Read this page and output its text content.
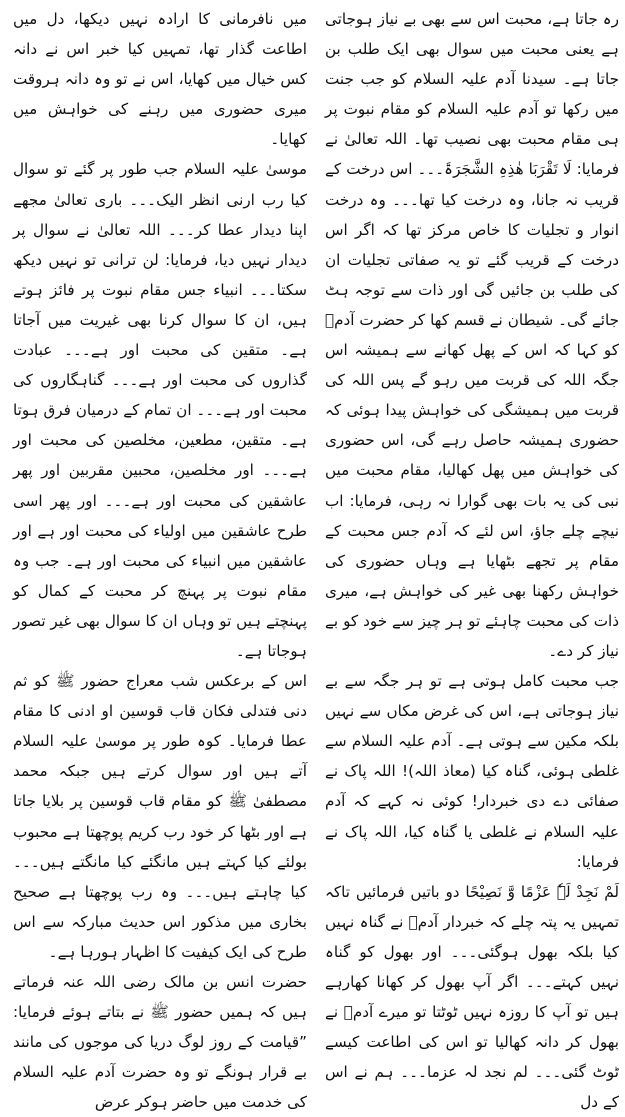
رہ جاتا ہے، محبت اس سے بھی بے نیاز ہوجاتی ہے یعنی محبت میں سوال بھی ایک طلب بن جاتا ہے۔ سیدنا آدم علیہ السلام کو جب جنت میں رکھا تو آدم علیہ السلام کو مقام نبوت پر ہی مقام محبت بھی نصیب تھا۔ اللہ تعالیٰ نے فرمایا: لَا تَقْرَبَا ھٰذِہِ الشَّجَرَۃَ۔۔۔ اس درخت کے قریب نہ جانا، وہ درخت کیا تھا۔۔۔ وہ درخت انوار و تجلیات کا خاص مرکز تھا کہ اگر اس درخت کے قریب گئے تو یہ صفاتی تجلیات ان کی طلب بن جائیں گی اور ذات سے توجہ ہٹ جائے گی۔ شیطان نے قسم کھا کر حضرت آدمؑ کو کہا کہ اس کے پھل کھانے سے ہمیشہ اس جگہ اللہ کی قربت میں رہو گے پس اللہ کی قربت میں ہمیشگی کی خواہش پیدا ہوئی کہ حضوری ہمیشہ حاصل رہے گی، اس حضوری کی خواہش میں پھل کھالیا، مقام محبت میں نبی کی یہ بات بھی گوارا نہ رہی، فرمایا: اب نیچے چلے جاؤ، اس لئے کہ آدم جس محبت کے مقام پر تجھے بٹھایا ہے وہاں حضوری کی خواہش رکھنا بھی غیر کی خواہش ہے، میری ذات کی محبت چاہئے تو ہر چیز سے خود کو بے نیاز کر دے۔

جب محبت کامل ہوتی ہے تو ہر جگہ سے بے نیاز ہوجاتی ہے، اس کی غرض مکاں سے نہیں بلکہ مکین سے ہوتی ہے۔ آدم علیہ السلام سے غلطی ہوئی، گناہ کیا (معاذ اللہ)! اللہ پاک نے صفائی دے دی خبردار! کوئی نہ کہے کہ آدم علیہ السلام نے غلطی یا گناہ کیا، اللہ پاک نے فرمایا:

لَمْ نَجِدْ لَہٗ عَزْمًا وَّ نَصِیْحًا دو باتیں فرمائیں تاکہ تمہیں یہ پتہ چلے کہ خبردار آدمؑ نے گناہ نہیں کیا بلکہ بھول ہوگئی۔۔۔ اور بھول کو گناہ نہیں کہتے۔۔۔ اگر آپ بھول کر کھانا کھارہے ہیں تو آپ کا روزہ نہیں ٹوٹتا تو میرے آدمؑ نے بھول کر دانہ کھالیا تو اس کی اطاعت کیسے ٹوٹ گئی۔۔۔ لم نجد لہ عزما۔۔۔ ہم نے اس کے دل

میں نافرمانی کا ارادہ نہیں دیکھا، دل میں اطاعت گذار تھا، تمہیں کیا خبر اس نے دانہ کس خیال میں کھایا، اس نے تو وہ دانہ ہروقت میری حضوری میں رہنے کی خواہش میں کھایا۔

موسیٰ علیہ السلام جب طور پر گئے تو سوال کیا رب ارنی انظر الیک۔۔۔ باری تعالیٰ مجھے اپنا دیدار عطا کر۔۔۔ اللہ تعالیٰ نے سوال پر دیدار نہیں دیا، فرمایا: لن ترانی تو نہیں دیکھ سکتا۔۔۔ انبیاء جس مقام نبوت پر فائز ہوتے ہیں، ان کا سوال کرنا بھی غیریت میں آجاتا ہے۔ متقین کی محبت اور ہے۔۔۔ عبادت گذاروں کی محبت اور ہے۔۔۔ گناہگاروں کی محبت اور ہے۔۔۔ ان تمام کے درمیان فرق ہوتا ہے۔ متقین، مطعین، مخلصین کی محبت اور ہے۔۔۔ اور مخلصین، محبین مقربین اور پھر عاشقین کی محبت اور ہے۔۔۔ اور پھر اسی طرح عاشقین میں اولیاء کی محبت اور ہے اور عاشقین میں انبیاء کی محبت اور ہے۔ جب وہ مقام نبوت پر پہنچ کر محبت کے کمال کو پہنچتے ہیں تو وہاں ان کا سوال بھی غیر تصور ہوجاتا ہے۔

اس کے برعکس شب معراج حضور ﷺ کو ثم دنی فتدلی فکان قاب قوسین او ادنی کا مقام عطا فرمایا۔ کوہ طور پر موسیٰ علیہ السلام آتے ہیں اور سوال کرتے ہیں جبکہ محمد مصطفیٰ ﷺ کو مقام قاب قوسین پر بلایا جاتا ہے اور بٹھا کر خود رب کریم پوچھتا ہے محبوب بولئے کیا کہتے ہیں مانگئے کیا مانگتے ہیں۔۔۔ کیا چاہتے ہیں۔۔۔ وہ رب پوچھتا ہے صحیح بخاری میں مذکور اس حدیث مبارکہ سے اس طرح کی ایک کیفیت کا اظہار ہورہا ہے۔

حضرت انس بن مالک رضی اللہ عنہ فرماتے ہیں کہ ہمیں حضور ﷺ نے بتاتے ہوئے فرمایا: ”قیامت کے روز لوگ دریا کی موجوں کی مانند بے قرار ہونگے تو وہ حضرت آدم علیہ السلام کی خدمت میں حاضر ہوکر عرض
